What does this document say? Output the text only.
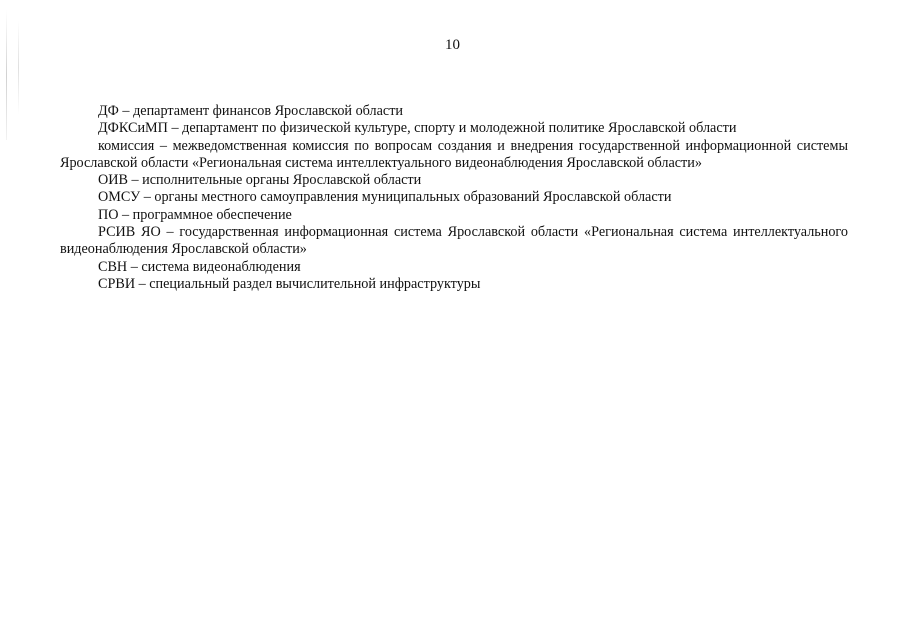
10

ДФ – департамент финансов Ярославской области

ДФКСиМП – департамент по физической культуре, спорту и молодежной политике Ярославской области

комиссия – межведомственная комиссия по вопросам создания и внедрения государственной информационной системы Ярославской области «Региональная система интеллектуального видеонаблюдения Ярославской области»

ОИВ – исполнительные органы Ярославской области

ОМСУ – органы местного самоуправления муниципальных образований Ярославской области

ПО – программное обеспечение

РСИВ ЯО – государственная информационная система Ярославской области «Региональная система интеллектуального видеонаблюдения Ярославской области»

СВН – система видеонаблюдения

СРВИ – специальный раздел вычислительной инфраструктуры
